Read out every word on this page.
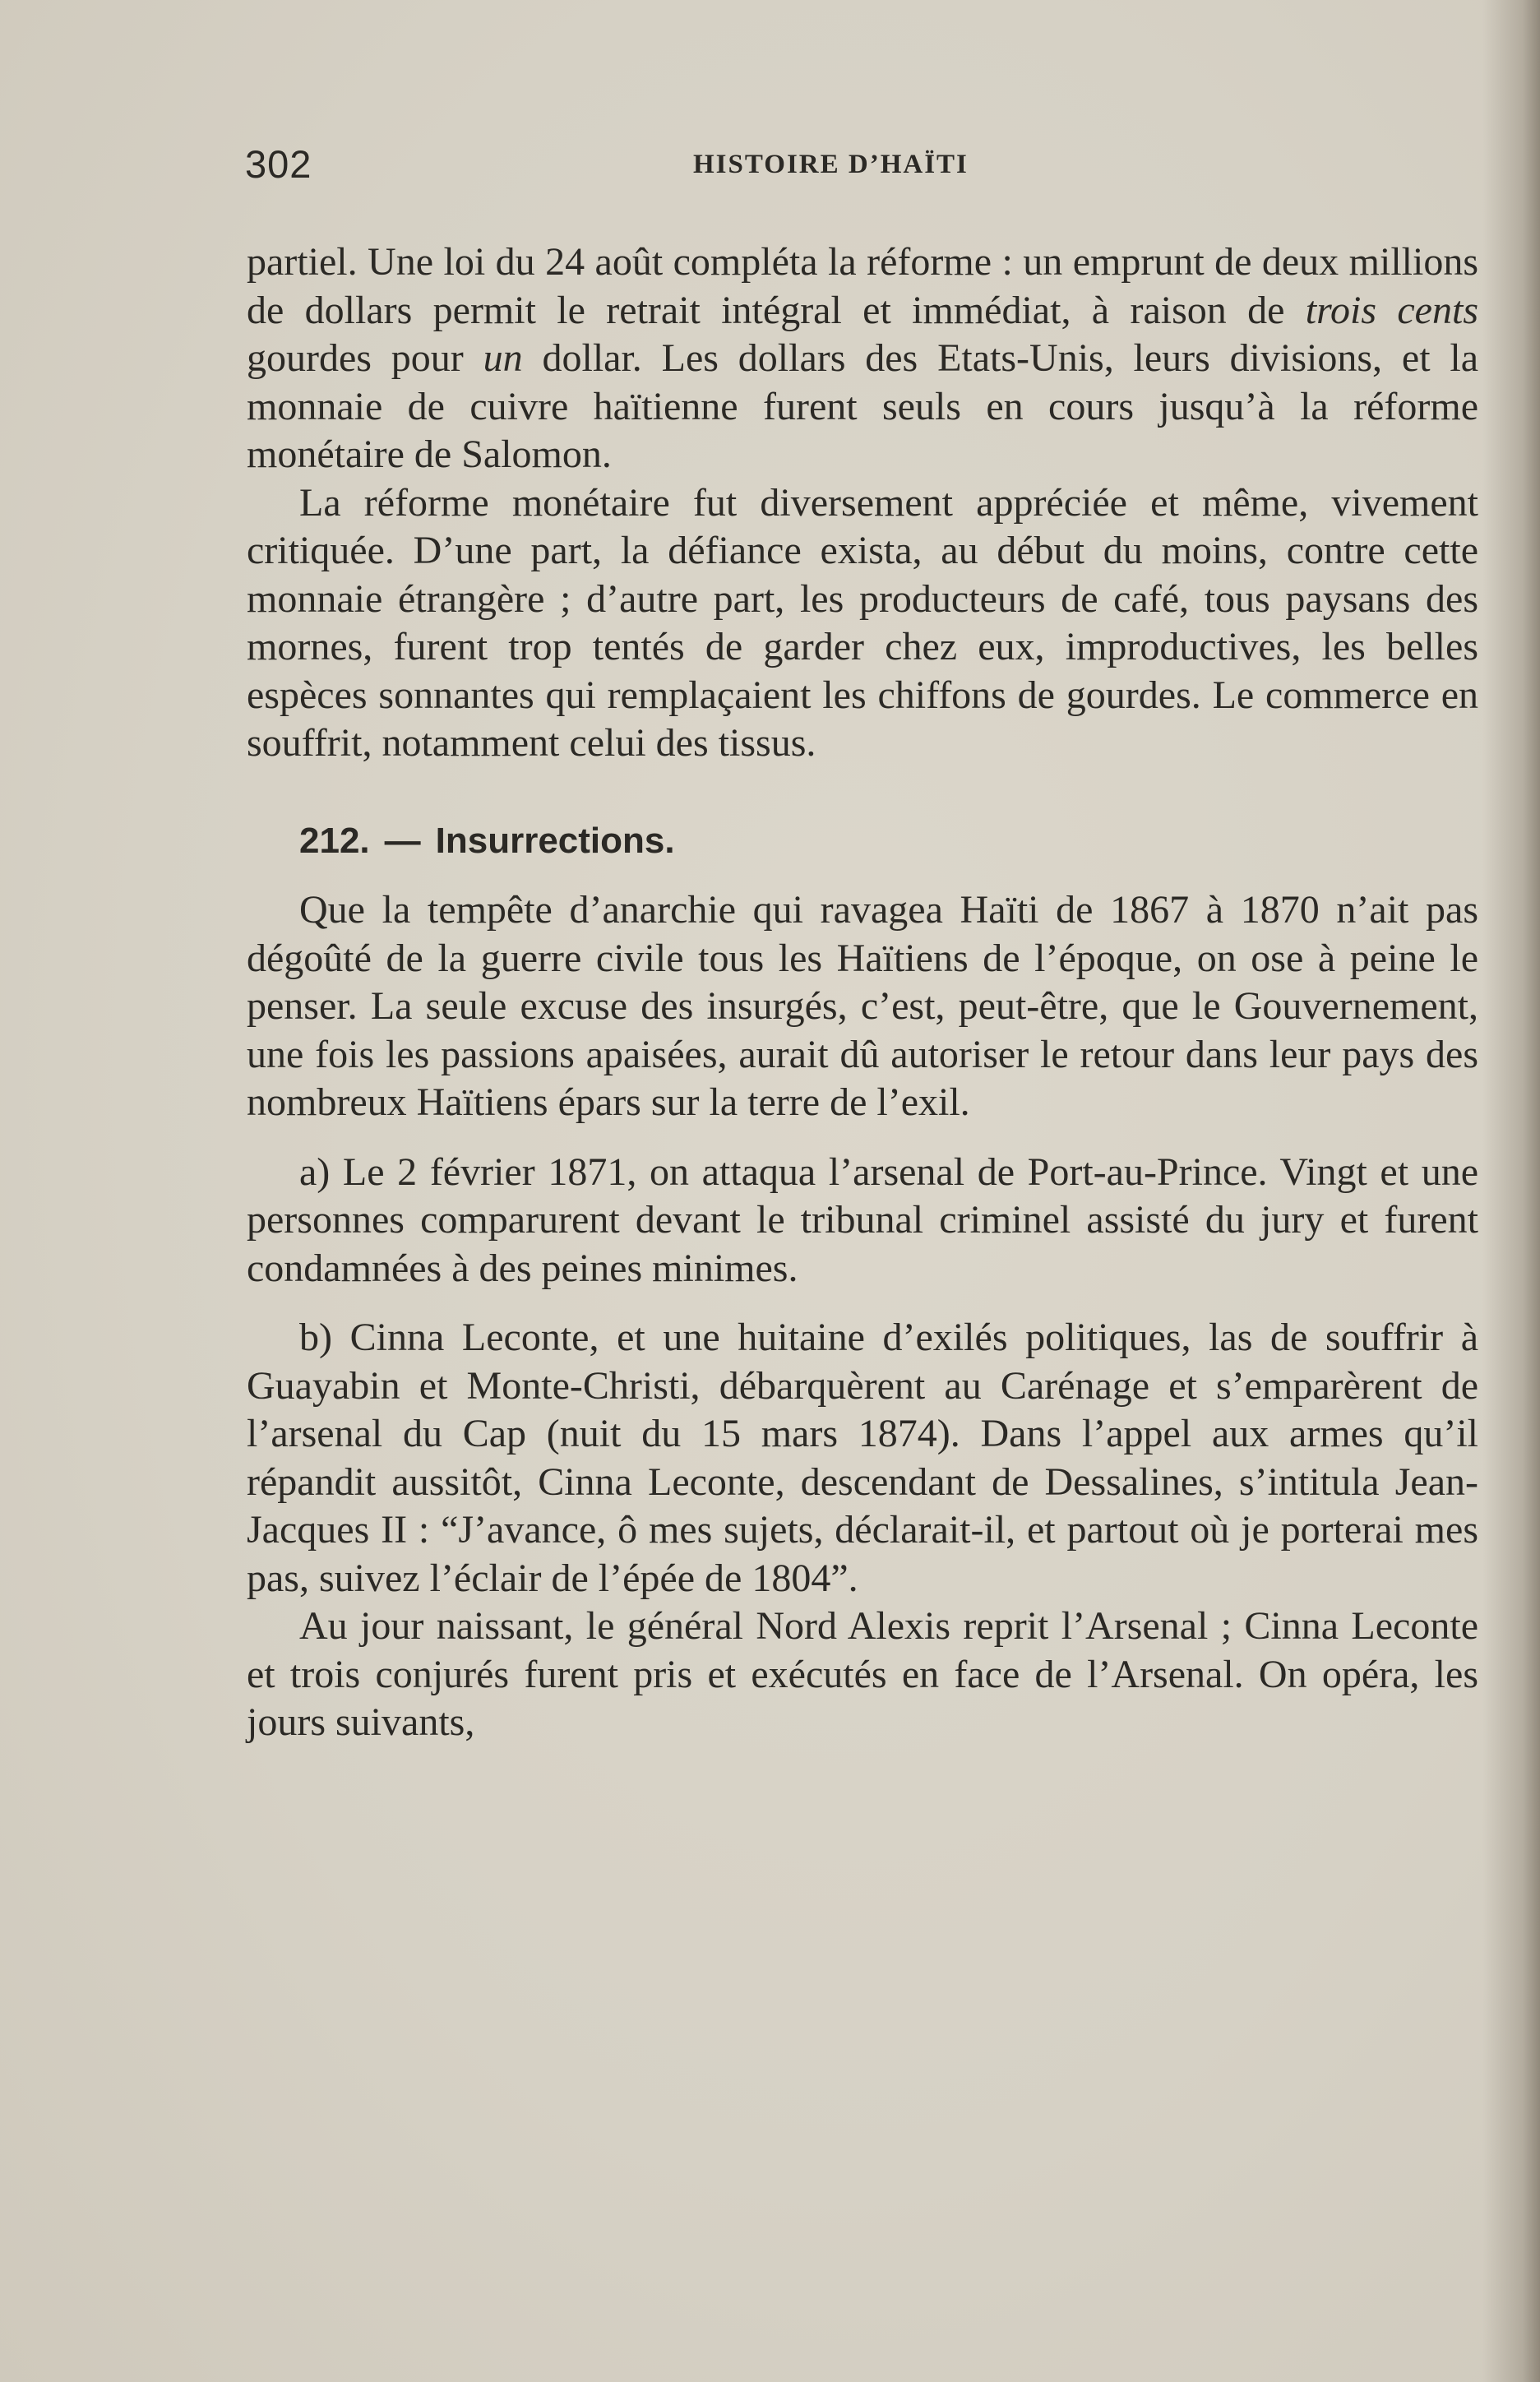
302	HISTOIRE D’HAÏTI

partiel. Une loi du 24 août compléta la réforme : un emprunt de deux millions de dollars permit le retrait intégral et immédiat, à raison de trois cents gourdes pour un dollar. Les dollars des Etats-Unis, leurs divisions, et la monnaie de cuivre haïtienne furent seuls en cours jusqu’à la réforme monétaire de Salomon.

La réforme monétaire fut diversement appréciée et même, vivement critiquée. D’une part, la défiance exista, au début du moins, contre cette monnaie étrangère ; d’autre part, les producteurs de café, tous paysans des mornes, furent trop tentés de garder chez eux, improductives, les belles espèces sonnantes qui remplaçaient les chiffons de gourdes. Le commerce en souffrit, notamment celui des tissus.

212. — Insurrections.

Que la tempête d’anarchie qui ravagea Haïti de 1867 à 1870 n’ait pas dégoûté de la guerre civile tous les Haïtiens de l’époque, on ose à peine le penser. La seule excuse des insurgés, c’est, peut-être, que le Gouvernement, une fois les passions apaisées, aurait dû autoriser le retour dans leur pays des nombreux Haïtiens épars sur la terre de l’exil.

a) Le 2 février 1871, on attaqua l’arsenal de Port-au-Prince. Vingt et une personnes comparurent devant le tribunal criminel assisté du jury et furent condamnées à des peines minimes.

b) Cinna Leconte, et une huitaine d’exilés politiques, las de souffrir à Guayabin et Monte-Christi, débarquèrent au Carénage et s’emparèrent de l’arsenal du Cap (nuit du 15 mars 1874). Dans l’appel aux armes qu’il répandit aussitôt, Cinna Leconte, descendant de Dessalines, s’intitula Jean-Jacques II : “J’avance, ô mes sujets, déclarait-il, et partout où je porterai mes pas, suivez l’éclair de l’épée de 1804”.

Au jour naissant, le général Nord Alexis reprit l’Arsenal ; Cinna Leconte et trois conjurés furent pris et exécutés en face de l’Arsenal. On opéra, les jours suivants,
